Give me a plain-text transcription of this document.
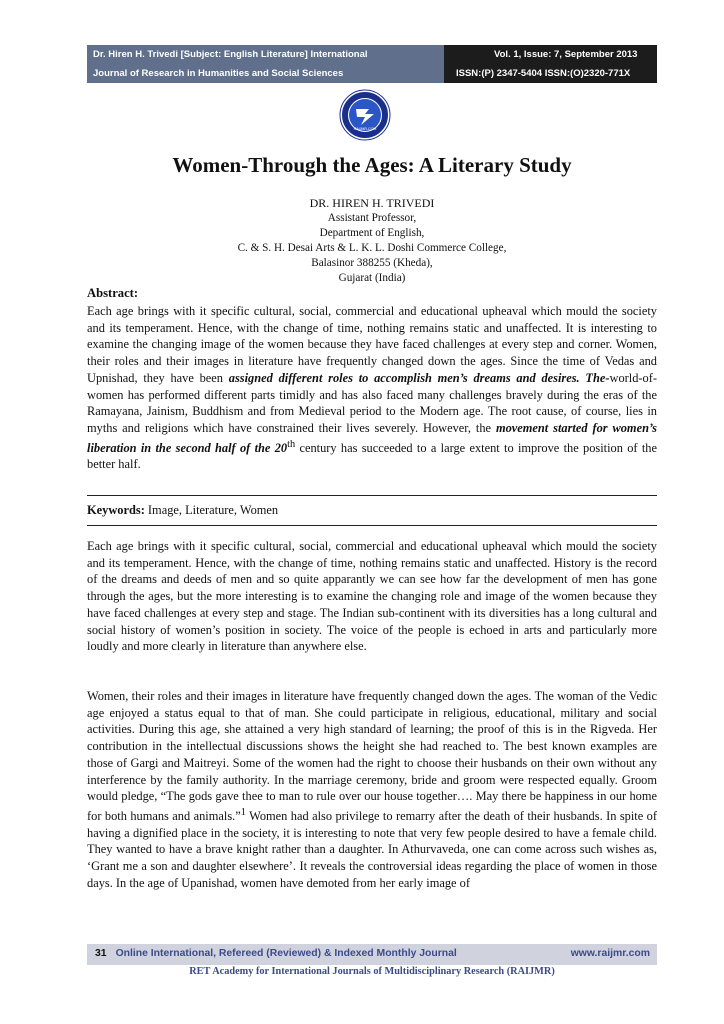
Dr. Hiren H. Trivedi [Subject: English Literature] International
Journal of Research in Humanities and Social Sciences
Vol. 1, Issue: 7, September 2013
ISSN:(P) 2347-5404 ISSN:(O)2320-771X
RAIJMR.COM
Women-Through the Ages: A Literary Study
DR. HIREN H. TRIVEDI
Assistant Professor,
Department of English,
C. & S. H. Desai Arts & L. K. L. Doshi Commerce College,
Balasinor 388255 (Kheda),
Gujarat (India)
Abstract:
Each age brings with it specific cultural, social, commercial and educational upheaval which mould the society and its temperament. Hence, with the change of time, nothing remains static and unaffected. It is interesting to examine the changing image of the women because they have faced challenges at every step and corner. Women, their roles and their images in literature have frequently changed down the ages. Since the time of Vedas and Upnishad, they have been assigned different roles to accomplish men’s dreams and desires. The-world-of-women has performed different parts timidly and has also faced many challenges bravely during the eras of the Ramayana, Jainism, Buddhism and from Medieval period to the Modern age. The root cause, of course, lies in myths and religions which have constrained their lives severely. However, the movement started for women’s liberation in the second half of the 20th century has succeeded to a large extent to improve the position of the better half.
Keywords: Image, Literature, Women
Each age brings with it specific cultural, social, commercial and educational upheaval which mould the society and its temperament. Hence, with the change of time, nothing remains static and unaffected. History is the record of the dreams and deeds of men and so quite apparantly we can see how far the development of men has gone through the ages, but the more interesting is to examine the changing role and image of the women because they have faced challenges at every step and stage. The Indian sub-continent with its diversities has a long cultural and social history of women’s position in society. The voice of the people is echoed in arts and particularly more loudly and more clearly in literature than anywhere else.
Women, their roles and their images in literature have frequently changed down the ages. The woman of the Vedic age enjoyed a status equal to that of man. She could participate in religious, educational, military and social activities. During this age, she attained a very high standard of learning; the proof of this is in the Rigveda. Her contribution in the intellectual discussions shows the height she had reached to. The best known examples are those of Gargi and Maitreyi. Some of the women had the right to choose their husbands on their own without any interference by the family authority. In the marriage ceremony, bride and groom were respected equally. Groom would pledge, “The gods gave thee to man to rule over our house together…. May there be happiness in our home for both humans and animals.”$^1$ Women had also privilege to remarry after the death of their husbands. In spite of having a dignified place in the society, it is interesting to note that very few people desired to have a female child. They wanted to have a brave knight rather than a daughter. In Athurvaveda, one can come across such wishes as, ‘Grant me a son and daughter elsewhere’. It reveals the controversial ideas regarding the place of women in those days. In the age of Upanishad, women have demoted from her early image of
31 Online International, Refereed (Reviewed) & Indexed Monthly Journal	www.raijmr.com
RET Academy for International Journals of Multidisciplinary Research (RAIJMR)
